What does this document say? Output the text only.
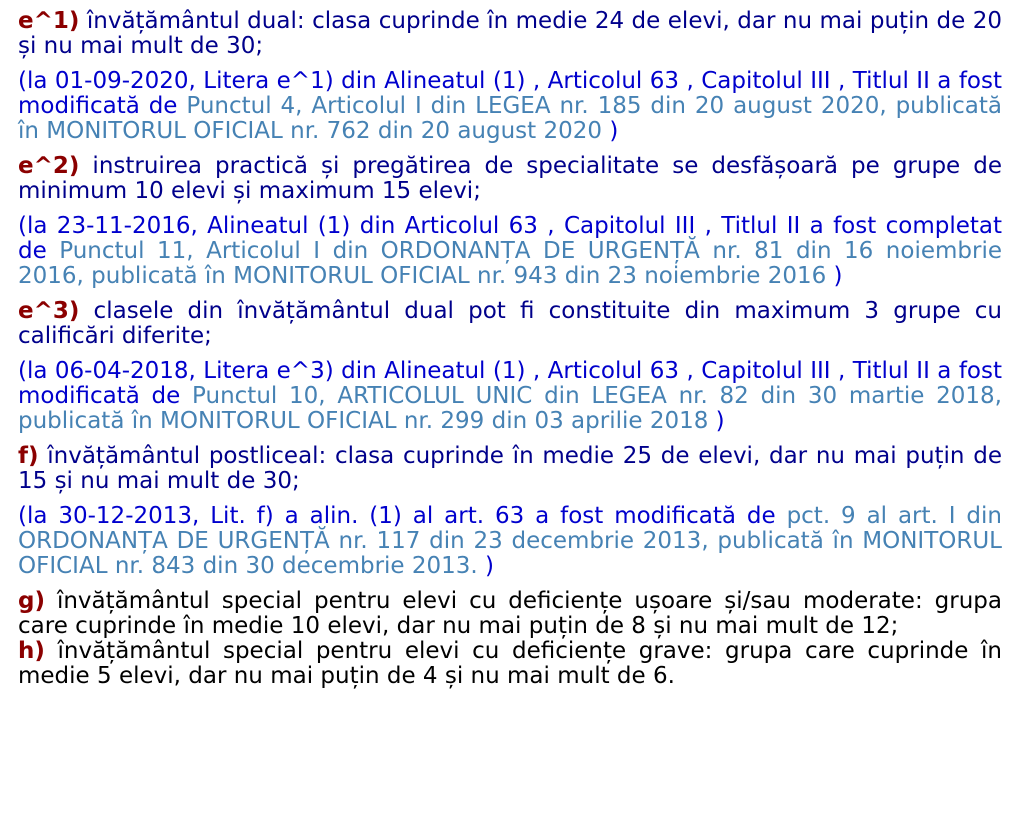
e^1) învățământul dual: clasa cuprinde în medie 24 de elevi, dar nu mai puțin de 20 și nu mai mult de 30;

(la 01-09-2020, Litera e^1) din Alineatul (1) , Articolul 63 , Capitolul III , Titlul II a fost modificată de Punctul 4, Articolul I din LEGEA nr. 185 din 20 august 2020, publicată în MONITORUL OFICIAL nr. 762 din 20 august 2020 )

e^2) instruirea practică și pregătirea de specialitate se desfășoară pe grupe de minimum 10 elevi și maximum 15 elevi;

(la 23-11-2016, Alineatul (1) din Articolul 63 , Capitolul III , Titlul II a fost completat de Punctul 11, Articolul I din ORDONANȚA DE URGENȚĂ nr. 81 din 16 noiembrie 2016, publicată în MONITORUL OFICIAL nr. 943 din 23 noiembrie 2016 )

e^3) clasele din învățământul dual pot fi constituite din maximum 3 grupe cu calificări diferite;

(la 06-04-2018, Litera e^3) din Alineatul (1) , Articolul 63 , Capitolul III , Titlul II a fost modificată de Punctul 10, ARTICOLUL UNIC din LEGEA nr. 82 din 30 martie 2018, publicată în MONITORUL OFICIAL nr. 299 din 03 aprilie 2018 )

f) învățământul postliceal: clasa cuprinde în medie 25 de elevi, dar nu mai puțin de 15 și nu mai mult de 30;

(la 30-12-2013, Lit. f) a alin. (1) al art. 63 a fost modificată de pct. 9 al art. I din ORDONANȚA DE URGENȚĂ nr. 117 din 23 decembrie 2013, publicată în MONITORUL OFICIAL nr. 843 din 30 decembrie 2013. )

g) învățământul special pentru elevi cu deficiențe ușoare și/sau moderate: grupa care cuprinde în medie 10 elevi, dar nu mai puțin de 8 și nu mai mult de 12;

h) învățământul special pentru elevi cu deficiențe grave: grupa care cuprinde în medie 5 elevi, dar nu mai puțin de 4 și nu mai mult de 6.
